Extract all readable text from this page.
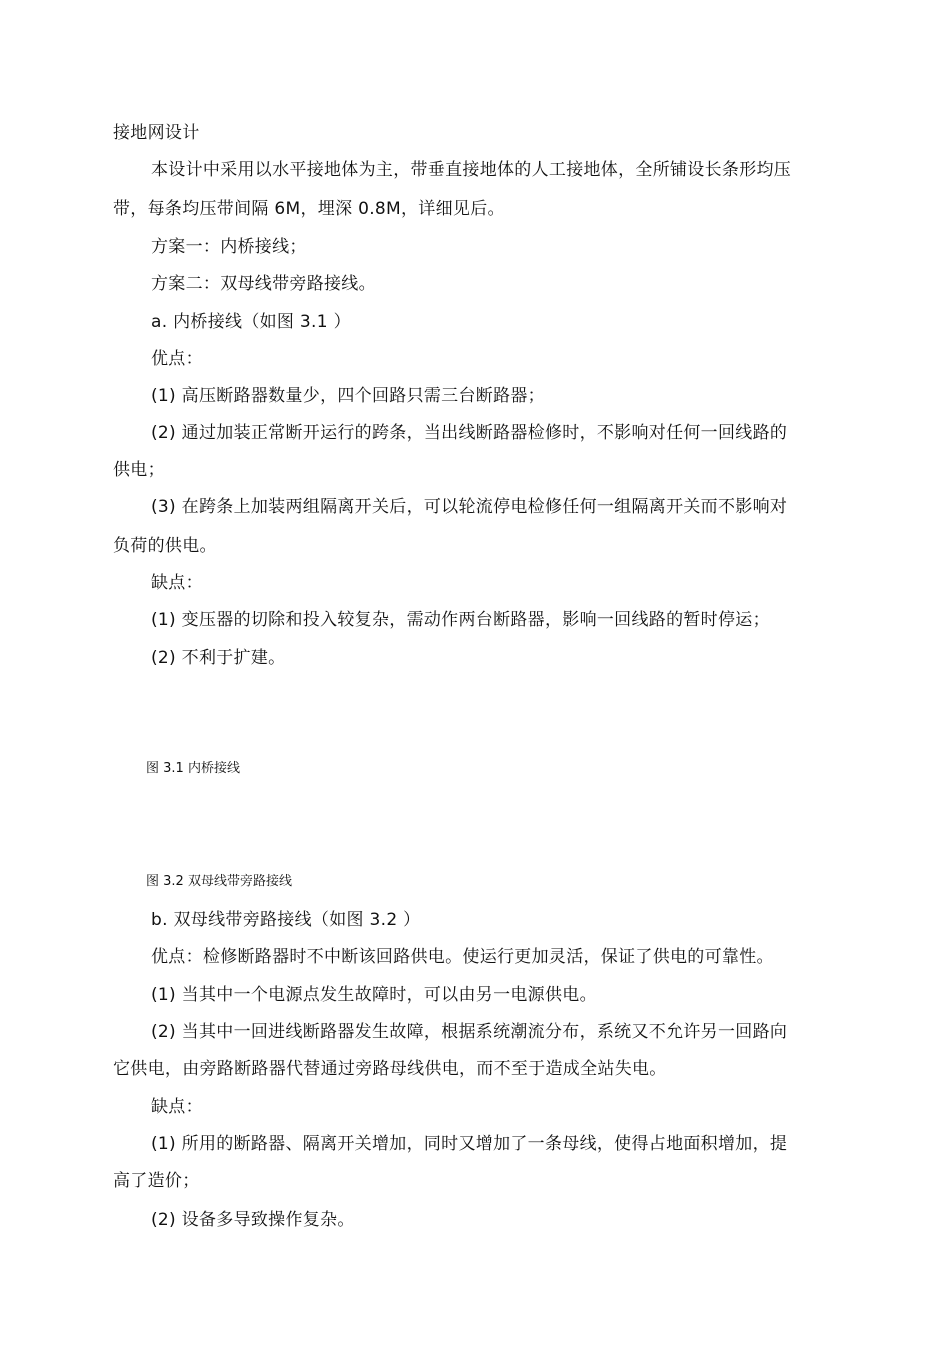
接地网设计
本设计中采用以水平接地体为主，带垂直接地体的人工接地体，全所铺设长条形均压
带，每条均压带间隔 6M，埋深 0.8M，详细见后。
方案一：内桥接线；
方案二：双母线带旁路接线。
a. 内桥接线（如图 3.1 ）
优点：
(1) 高压断路器数量少，四个回路只需三台断路器；
(2) 通过加装正常断开运行的跨条，当出线断路器检修时，不影响对任何一回线路的
供电；
(3) 在跨条上加装两组隔离开关后，可以轮流停电检修任何一组隔离开关而不影响对
负荷的供电。
缺点：
(1) 变压器的切除和投入较复杂，需动作两台断路器，影响一回线路的暂时停运；
(2) 不利于扩建。
图 3.1 内桥接线
图 3.2 双母线带旁路接线
b. 双母线带旁路接线（如图 3.2 ）
优点：检修断路器时不中断该回路供电。使运行更加灵活，保证了供电的可靠性。
(1) 当其中一个电源点发生故障时，可以由另一电源供电。
(2) 当其中一回进线断路器发生故障，根据系统潮流分布，系统又不允许另一回路向
它供电，由旁路断路器代替通过旁路母线供电，而不至于造成全站失电。
缺点：
(1) 所用的断路器、隔离开关增加，同时又增加了一条母线，使得占地面积增加，提
高了造价；
(2) 设备多导致操作复杂。
